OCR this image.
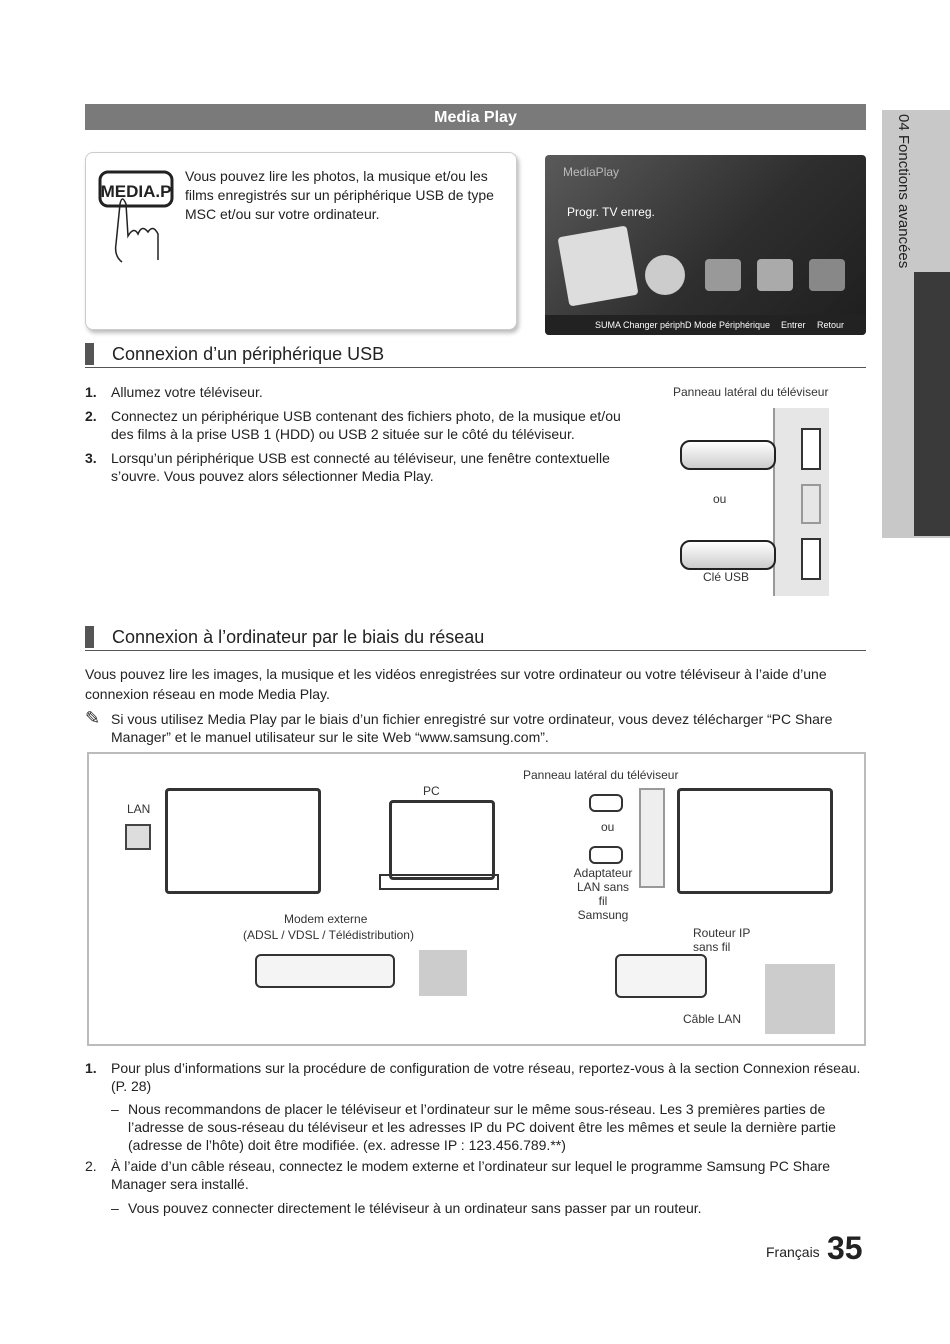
04 Fonctions avancées
Media Play
MEDIA.P
Vous pouvez lire les photos, la musique et/ou les films enregistrés sur un périphérique USB de type MSC et/ou sur votre ordinateur.
MediaPlay
Progr. TV enreg.
SUM A Changer périph D Mode Périphérique Entrer Retour
Connexion d’un périphérique USB
1. Allumez votre téléviseur.
2. Connectez un périphérique USB contenant des fichiers photo, de la musique et/ou des films à la prise USB 1 (HDD) ou USB 2 située sur le côté du téléviseur.
3. Lorsqu’un périphérique USB est connecté au téléviseur, une fenêtre contextuelle s’ouvre. Vous pouvez alors sélectionner Media Play.
Panneau latéral du téléviseur
ou
Clé USB
Connexion à l’ordinateur par le biais du réseau
Vous pouvez lire les images, la musique et les vidéos enregistrées sur votre ordinateur ou votre téléviseur à l’aide d’une connexion réseau en mode Media Play.
✎ Si vous utilisez Media Play par le biais d’un fichier enregistré sur votre ordinateur, vous devez télécharger “PC Share Manager” et le manuel utilisateur sur le site Web “www.samsung.com”.
LAN
PC
Panneau latéral du téléviseur
ou
Adaptateur LAN sans fil Samsung
Modem externe
(ADSL / VDSL / Télédistribution)	Routeur IP sans fil
Câble LAN
1. Pour plus d’informations sur la procédure de configuration de votre réseau, reportez-vous à la section Connexion réseau. (P. 28)
– Nous recommandons de placer le téléviseur et l’ordinateur sur le même sous-réseau. Les 3 premières parties de l’adresse de sous-réseau du téléviseur et les adresses IP du PC doivent être les mêmes et seule la dernière partie (adresse de l’hôte) doit être modifiée. (ex. adresse IP : 123.456.789.**)
2. À l’aide d’un câble réseau, connectez le modem externe et l’ordinateur sur lequel le programme Samsung PC Share Manager sera installé.
– Vous pouvez connecter directement le téléviseur à un ordinateur sans passer par un routeur.
Français 35
